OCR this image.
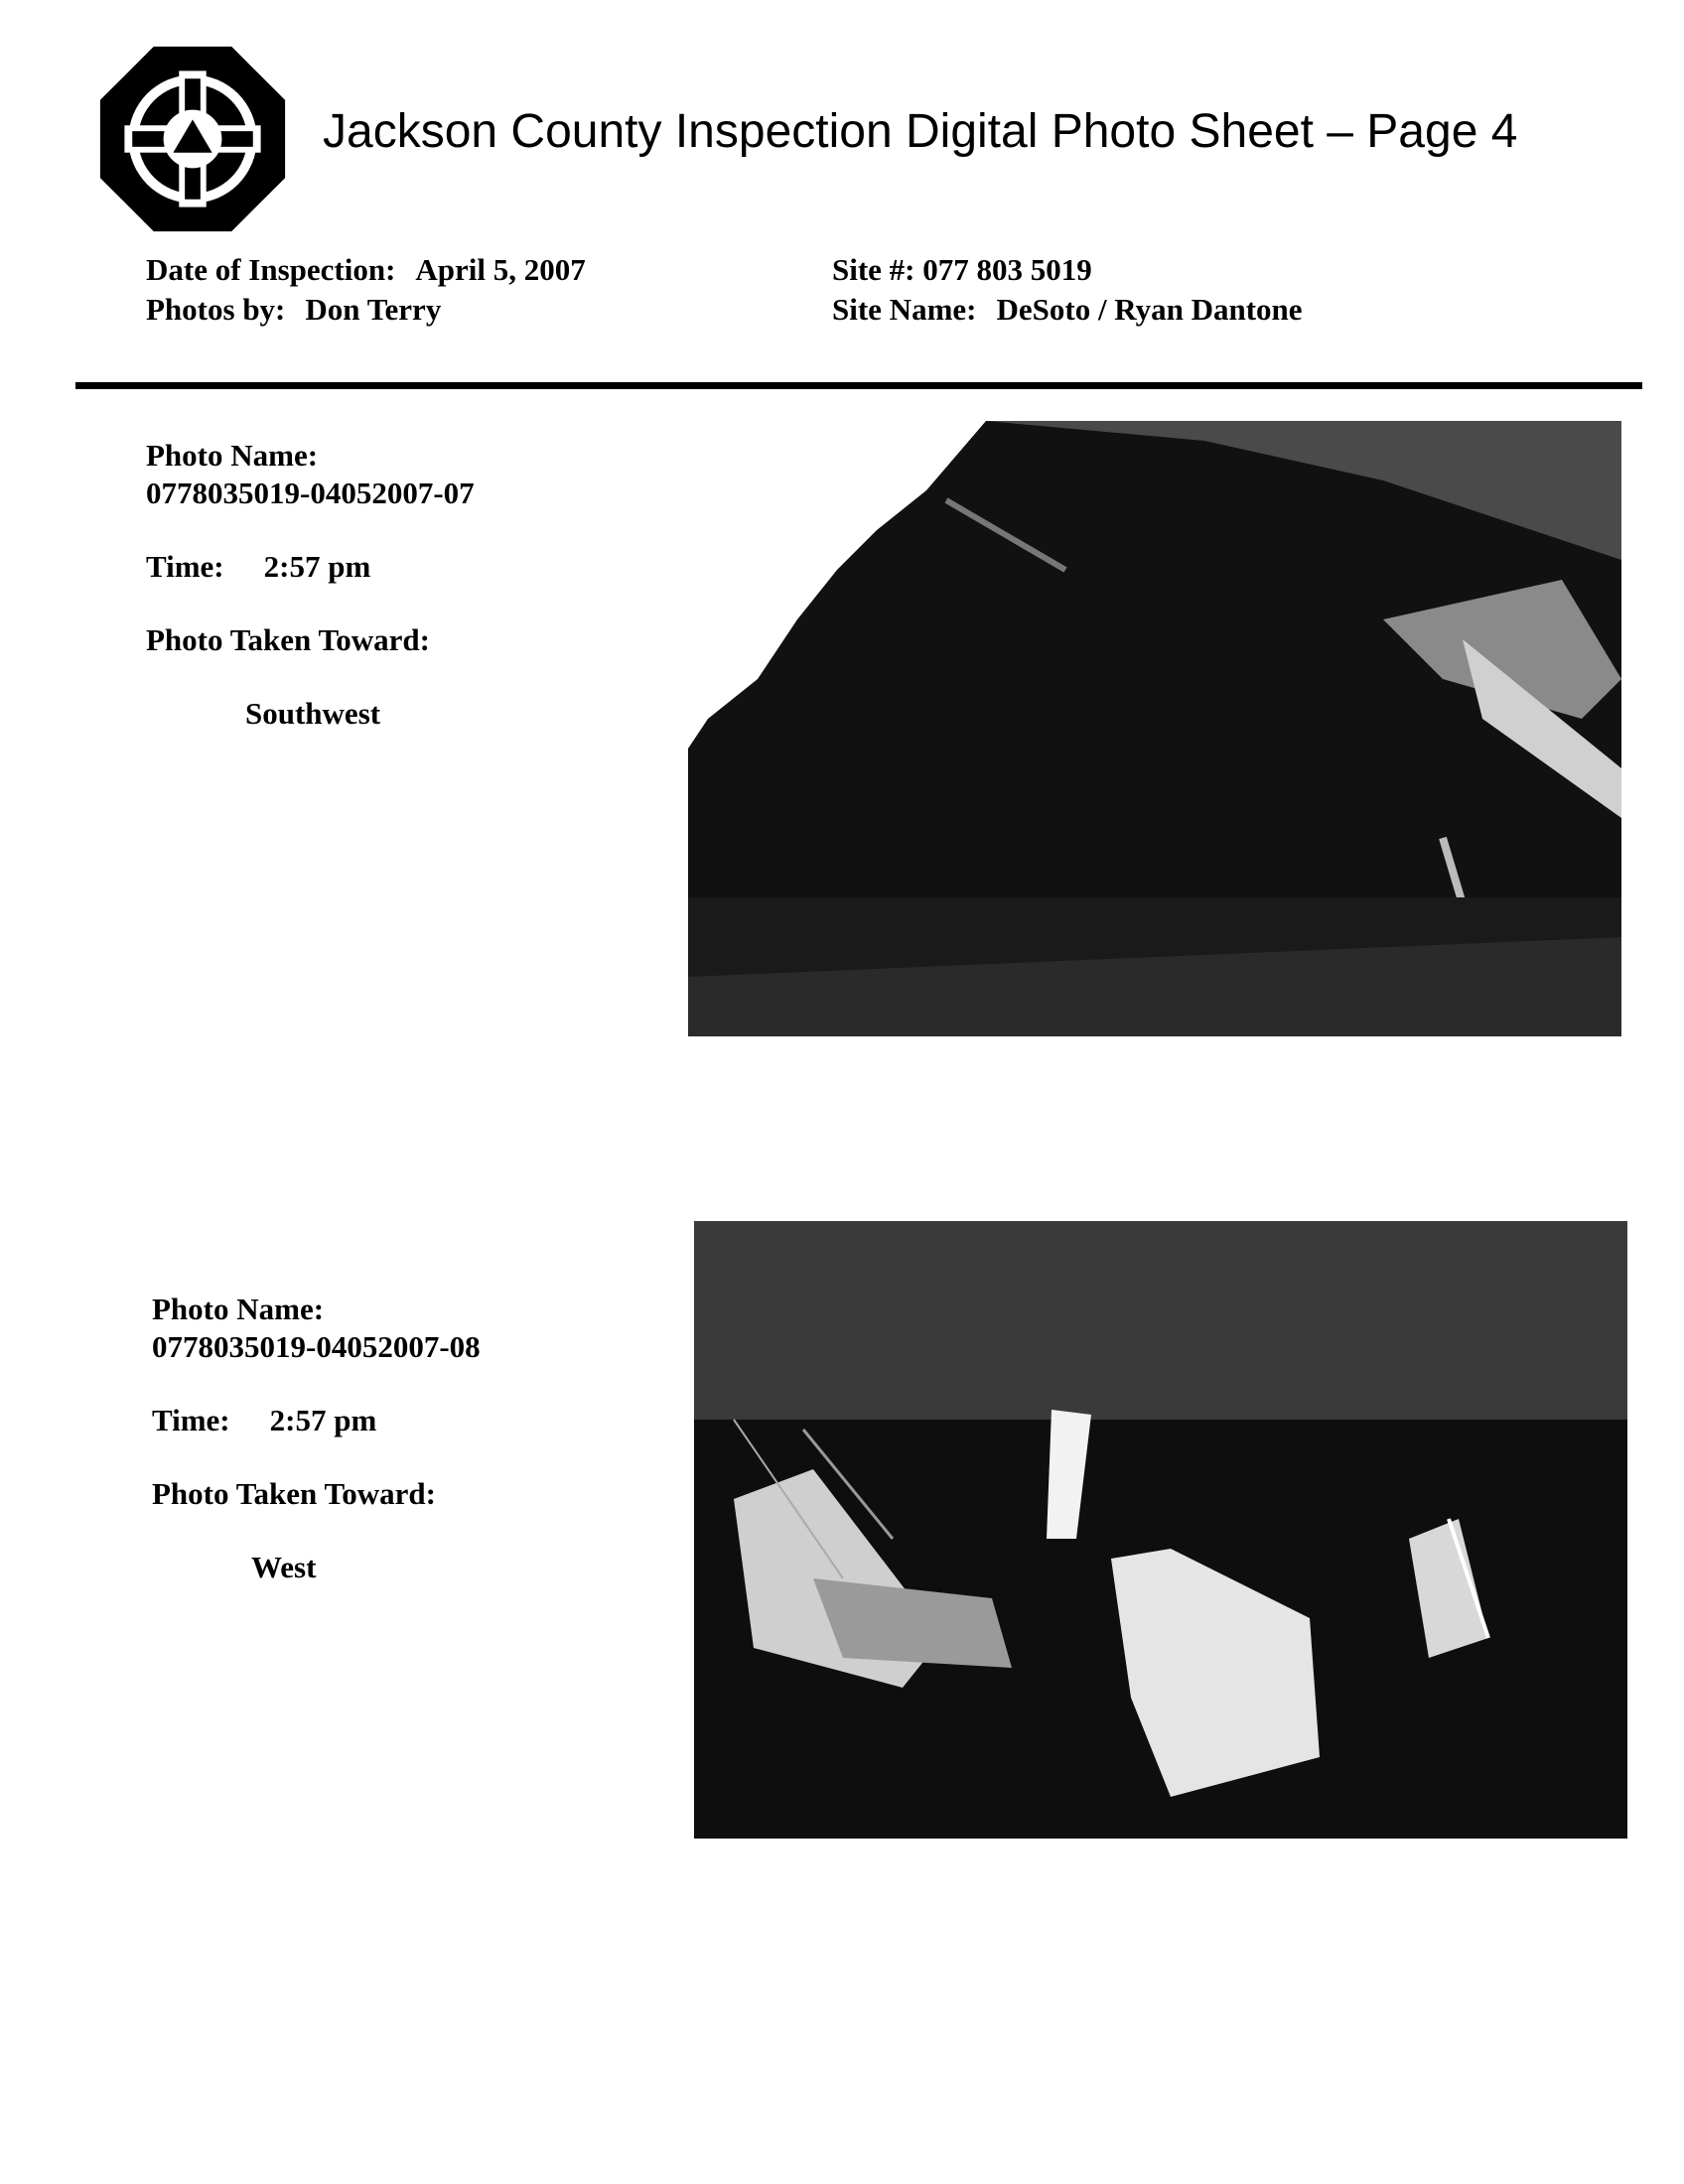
Jackson County Inspection Digital Photo Sheet – Page 4
Date of Inspection: April 5, 2007
Photos by: Don Terry
Site #: 077 803 5019
Site Name: DeSoto / Ryan Dantone
Photo Name:
0778035019-04052007-07
Time: 2:57 pm
Photo Taken Toward:
Southwest
Photo Name:
0778035019-04052007-08
Time: 2:57 pm
Photo Taken Toward:
West
